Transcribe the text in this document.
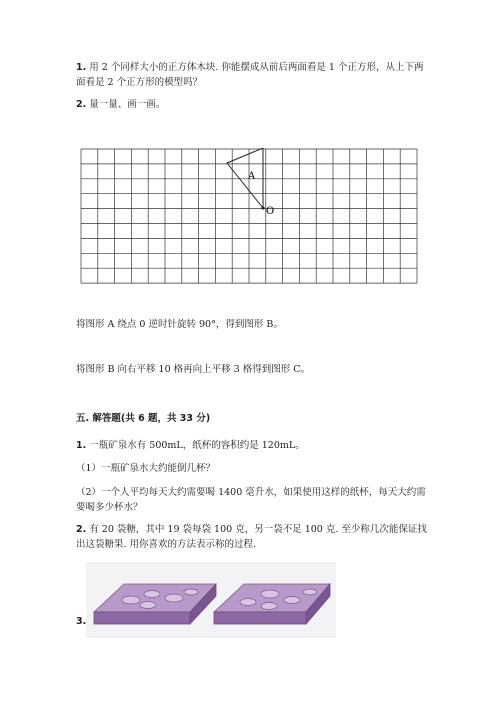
1. 用 2 个同样大小的正方体木块. 你能摆成从前后两面看是 1 个正方形，从上下两面看是 2 个正方形的模型吗？
2. 量一量、画一画。
A
O
将图形 A 绕点 0 逆时针旋转 90°，得到图形 B。
将图形 B 向右平移 10 格再向上平移 3 格得到图形 C。
五. 解答题(共 6 题，共 33 分)
1. 一瓶矿泉水有 500mL，纸杯的容积约是 120mL。
（1）一瓶矿泉水大约能倒几杯？
（2）一个人平均每天大约需要喝 1400 毫升水，如果使用这样的纸杯，每天大约需要喝多少杯水？
2. 有 20 袋糖，其中 19 袋每袋 100 克，另一袋不足 100 克. 至少称几次能保证找出这袋糖果. 用你喜欢的方法表示称的过程.
3.
